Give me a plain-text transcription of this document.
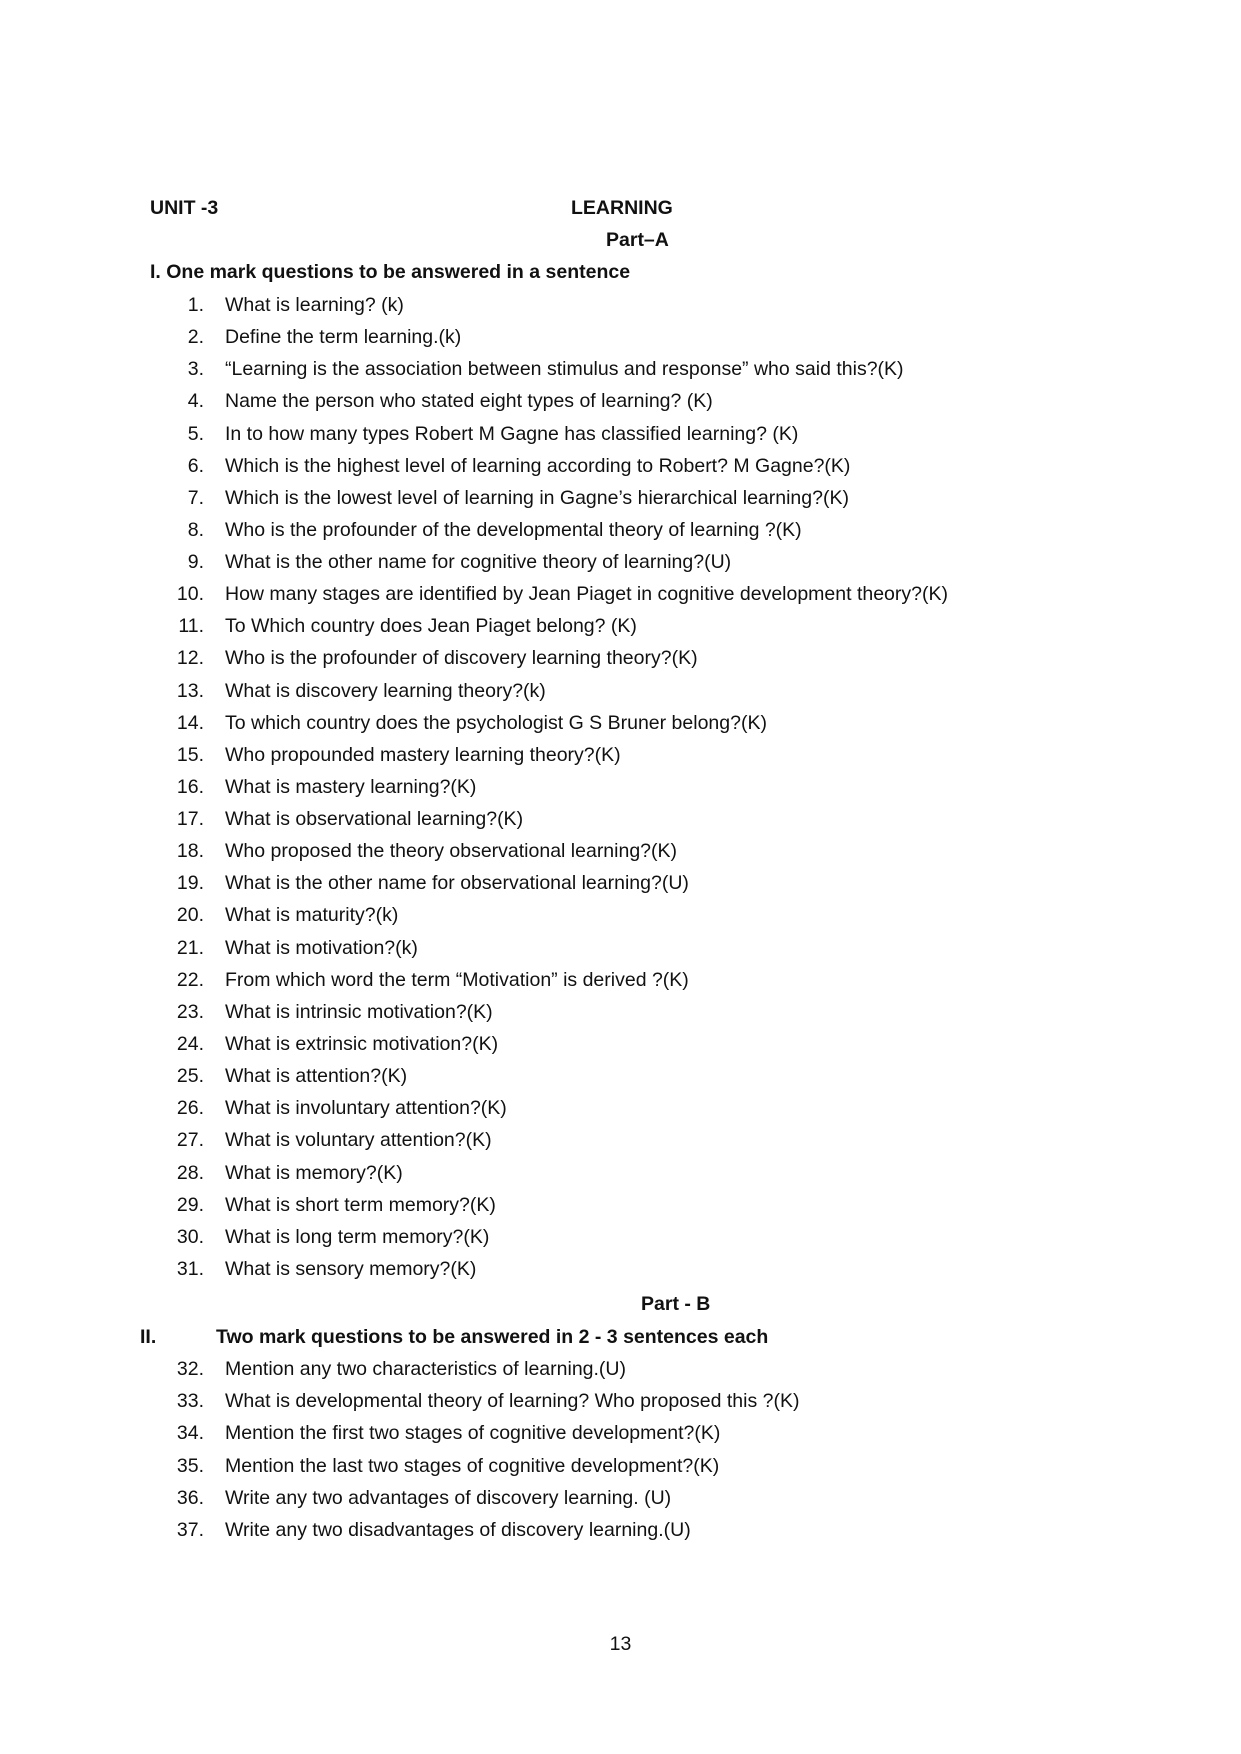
UNIT -3	LEARNING
Part–A
I. One mark questions to be answered in a sentence
1. What is learning? (k)
2. Define the term learning.(k)
3. “Learning is the association between stimulus and response” who said this?(K)
4. Name the person who stated eight types of learning? (K)
5. In to how many types Robert M Gagne has classified learning? (K)
6. Which is the highest level of learning according to Robert? M Gagne?(K)
7. Which is the lowest level of learning in Gagne’s hierarchical learning?(K)
8. Who is the profounder of the developmental theory of learning ?(K)
9. What is the other name for cognitive theory of learning?(U)
10. How many stages are identified by Jean Piaget in cognitive development theory?(K)
11. To Which country does Jean Piaget belong? (K)
12. Who is the profounder of discovery learning theory?(K)
13. What is discovery learning theory?(k)
14. To which country does the psychologist G S Bruner belong?(K)
15. Who propounded mastery learning theory?(K)
16. What is mastery learning?(K)
17. What is observational learning?(K)
18. Who proposed the theory observational learning?(K)
19. What is the other name for observational learning?(U)
20. What is maturity?(k)
21. What is motivation?(k)
22. From which word the term “Motivation” is derived ?(K)
23. What is intrinsic motivation?(K)
24. What is extrinsic motivation?(K)
25. What is attention?(K)
26. What is involuntary attention?(K)
27. What is voluntary attention?(K)
28. What is memory?(K)
29. What is short term memory?(K)
30. What is long term memory?(K)
31. What is sensory memory?(K)
Part - B
II.	Two mark questions to be answered in 2 - 3 sentences each
32. Mention any two characteristics of learning.(U)
33. What is developmental theory of learning? Who proposed this ?(K)
34. Mention the first two stages of cognitive development?(K)
35. Mention the last two stages of cognitive development?(K)
36. Write any two advantages of discovery learning. (U)
37. Write any two disadvantages of discovery learning.(U)
13
